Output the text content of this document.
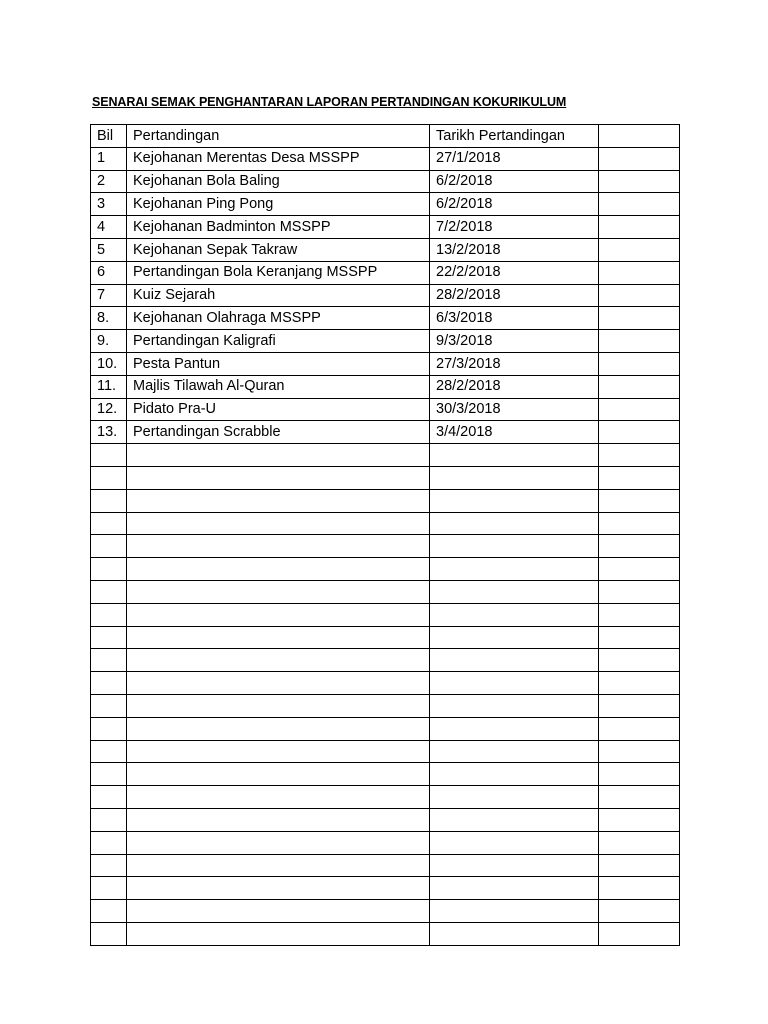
SENARAI SEMAK PENGHANTARAN LAPORAN PERTANDINGAN KOKURIKULUM
Bil	Pertandingan	Tarikh Pertandingan	
1	Kejohanan Merentas Desa MSSPP	27/1/2018	
2	Kejohanan Bola Baling	6/2/2018	
3	Kejohanan Ping Pong	6/2/2018	
4	Kejohanan Badminton MSSPP	7/2/2018	
5	Kejohanan Sepak Takraw	13/2/2018	
6	Pertandingan Bola Keranjang MSSPP	22/2/2018	
7	Kuiz Sejarah	28/2/2018	
8.	Kejohanan Olahraga MSSPP	6/3/2018	
9.	Pertandingan Kaligrafi	9/3/2018	
10.	Pesta Pantun	27/3/2018	
11.	Majlis Tilawah Al-Quran	28/2/2018	
12.	Pidato Pra-U	30/3/2018	
13.	Pertandingan Scrabble	3/4/2018	
